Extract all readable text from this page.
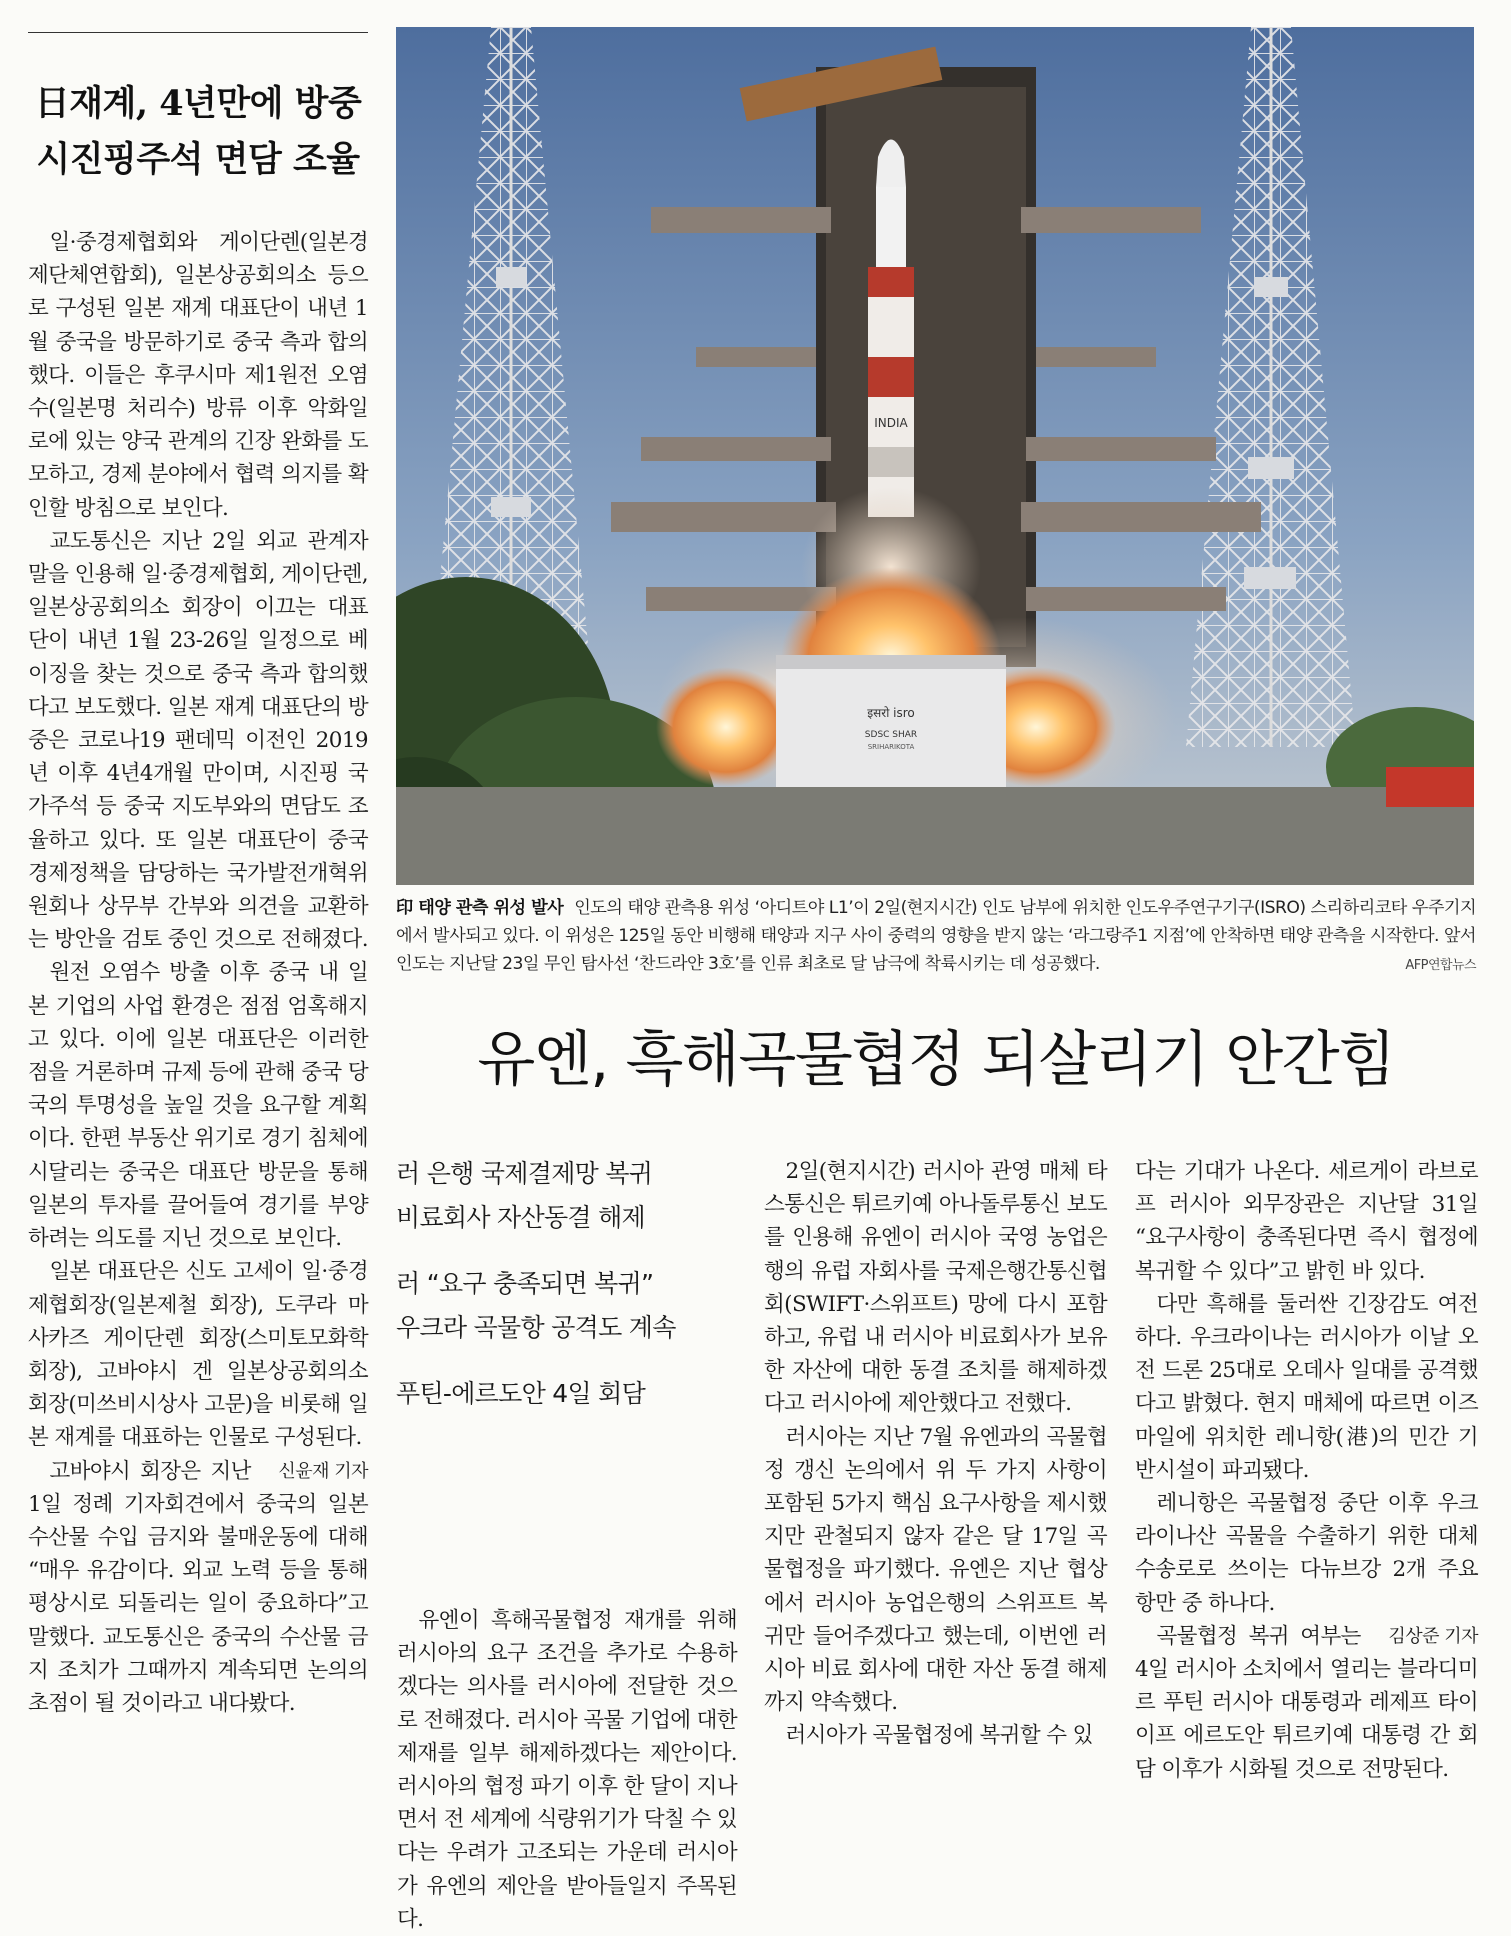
日재계, 4년만에 방중
시진핑주석 면담 조율

일·중경제협회와 게이단렌(일본경제단체연합회), 일본상공회의소 등으로 구성된 일본 재계 대표단이 내년 1월 중국을 방문하기로 중국 측과 합의했다. 이들은 후쿠시마 제1원전 오염수(일본명 처리수) 방류 이후 악화일로에 있는 양국 관계의 긴장 완화를 도모하고, 경제 분야에서 협력 의지를 확인할 방침으로 보인다.

교도통신은 지난 2일 외교 관계자 말을 인용해 일·중경제협회, 게이단렌, 일본상공회의소 회장이 이끄는 대표단이 내년 1월 23-26일 일정으로 베이징을 찾는 것으로 중국 측과 합의했다고 보도했다. 일본 재계 대표단의 방중은 코로나19 팬데믹 이전인 2019년 이후 4년4개월 만이며, 시진핑 국가주석 등 중국 지도부와의 면담도 조율하고 있다. 또 일본 대표단이 중국 경제정책을 담당하는 국가발전개혁위원회나 상무부 간부와 의견을 교환하는 방안을 검토 중인 것으로 전해졌다.

원전 오염수 방출 이후 중국 내 일본 기업의 사업 환경은 점점 엄혹해지고 있다. 이에 일본 대표단은 이러한 점을 거론하며 규제 등에 관해 중국 당국의 투명성을 높일 것을 요구할 계획이다. 한편 부동산 위기로 경기 침체에 시달리는 중국은 대표단 방문을 통해 일본의 투자를 끌어들여 경기를 부양하려는 의도를 지닌 것으로 보인다.

일본 대표단은 신도 고세이 일·중경제협회장(일본제철 회장), 도쿠라 마사카즈 게이단렌 회장(스미토모화학 회장), 고바야시 겐 일본상공회의소 회장(미쓰비시상사 고문)을 비롯해 일본 재계를 대표하는 인물로 구성된다.

신윤재 기자
고바야시 회장은 지난 1일 정례 기자회견에서 중국의 일본 수산물 수입 금지와 불매운동에 대해 “매우 유감이다. 외교 노력 등을 통해 평상시로 되돌리는 일이 중요하다”고 말했다. 교도통신은 중국의 수산물 금지 조치가 그때까지 계속되면 논의의 초점이 될 것이라고 내다봤다.

INDIA
इसरो isro
SDSC SHAR
SRIHARIKOTA
印 태양 관측 위성 발사 인도의 태양 관측용 위성 ‘아디트야 L1’이 2일(현지시간) 인도 남부에 위치한 인도우주연구기구(ISRO) 스리하리코타 우주기지에서 발사되고 있다. 이 위성은 125일 동안 비행해 태양과 지구 사이 중력의 영향을 받지 않는 ‘라그랑주1 지점’에 안착하면 태양 관측을 시작한다. 앞서 인도는 지난달 23일 무인 탐사선 ‘찬드라얀 3호’를 인류 최초로 달 남극에 착륙시키는 데 성공했다.	AFP연합뉴스
유엔, 흑해곡물협정 되살리기 안간힘
러 은행 국제결제망 복귀
비료회사 자산동결 해제
러 “요구 충족되면 복귀”
우크라 곡물항 공격도 계속
푸틴-에르도안 4일 회담

유엔이 흑해곡물협정 재개를 위해 러시아의 요구 조건을 추가로 수용하겠다는 의사를 러시아에 전달한 것으로 전해졌다. 러시아 곡물 기업에 대한 제재를 일부 해제하겠다는 제안이다. 러시아의 협정 파기 이후 한 달이 지나면서 전 세계에 식량위기가 닥칠 수 있다는 우려가 고조되는 가운데 러시아가 유엔의 제안을 받아들일지 주목된다.

2일(현지시간) 러시아 관영 매체 타스통신은 튀르키예 아나돌루통신 보도를 인용해 유엔이 러시아 국영 농업은행의 유럽 자회사를 국제은행간통신협회(SWIFT·스위프트) 망에 다시 포함하고, 유럽 내 러시아 비료회사가 보유한 자산에 대한 동결 조치를 해제하겠다고 러시아에 제안했다고 전했다.

러시아는 지난 7월 유엔과의 곡물협정 갱신 논의에서 위 두 가지 사항이 포함된 5가지 핵심 요구사항을 제시했지만 관철되지 않자 같은 달 17일 곡물협정을 파기했다. 유엔은 지난 협상에서 러시아 농업은행의 스위프트 복귀만 들어주겠다고 했는데, 이번엔 러시아 비료 회사에 대한 자산 동결 해제까지 약속했다.

러시아가 곡물협정에 복귀할 수 있

다는 기대가 나온다. 세르게이 라브로프 러시아 외무장관은 지난달 31일 “요구사항이 충족된다면 즉시 협정에 복귀할 수 있다”고 밝힌 바 있다.

다만 흑해를 둘러싼 긴장감도 여전하다. 우크라이나는 러시아가 이날 오전 드론 25대로 오데사 일대를 공격했다고 밝혔다. 현지 매체에 따르면 이즈마일에 위치한 레니항(港)의 민간 기반시설이 파괴됐다.

레니항은 곡물협정 중단 이후 우크라이나산 곡물을 수출하기 위한 대체 수송로로 쓰이는 다뉴브강 2개 주요 항만 중 하나다.

김상준 기자
곡물협정 복귀 여부는 4일 러시아 소치에서 열리는 블라디미르 푸틴 러시아 대통령과 레제프 타이이프 에르도안 튀르키예 대통령 간 회담 이후가 시화될 것으로 전망된다.
